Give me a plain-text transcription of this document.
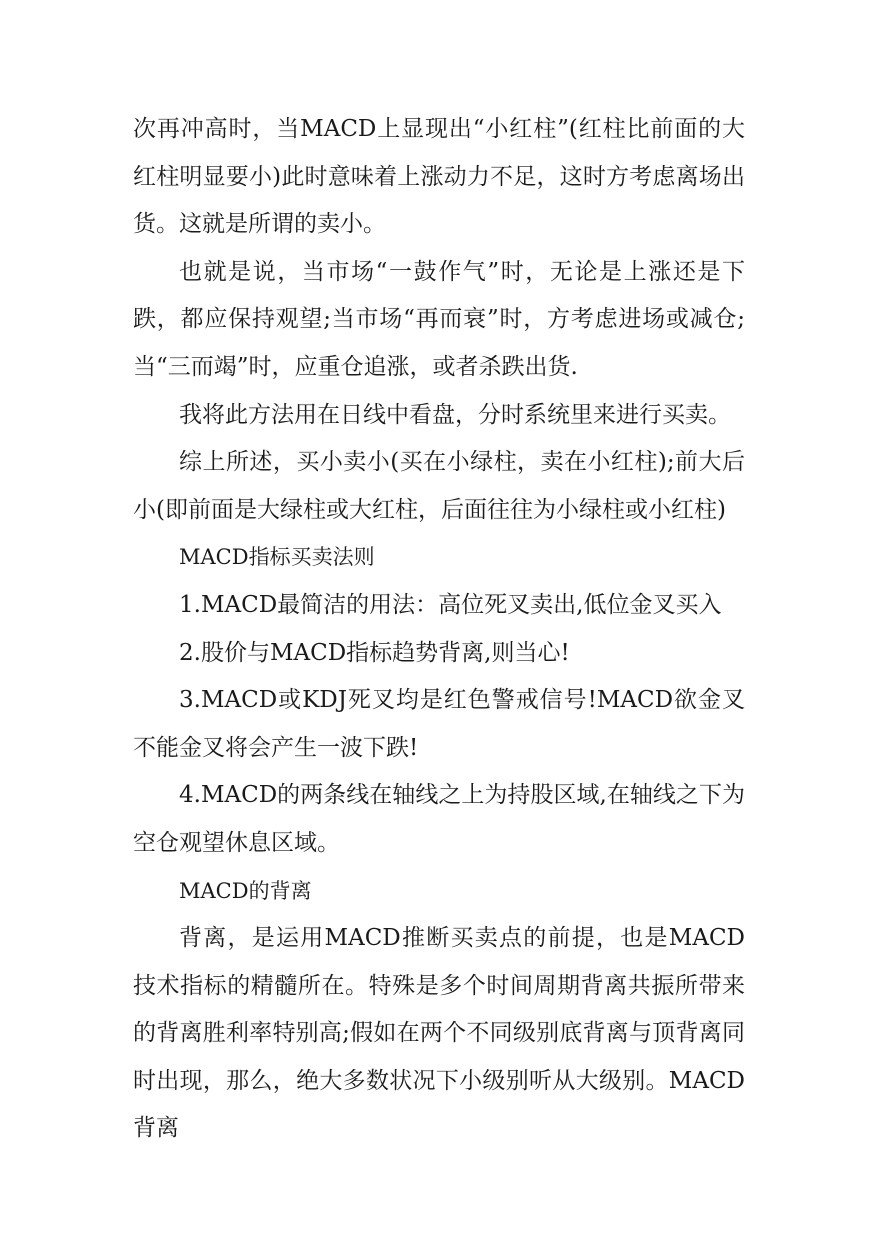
次再冲高时，当MACD上显现出“小红柱”(红柱比前面的大红柱明显要小)此时意味着上涨动力不足，这时方考虑离场出货。这就是所谓的卖小。

也就是说，当市场“一鼓作气”时，无论是上涨还是下跌，都应保持观望;当市场“再而衰”时，方考虑进场或减仓;当“三而竭”时，应重仓追涨，或者杀跌出货.

我将此方法用在日线中看盘，分时系统里来进行买卖。

综上所述，买小卖小(买在小绿柱，卖在小红柱);前大后小(即前面是大绿柱或大红柱，后面往往为小绿柱或小红柱)

MACD指标买卖法则

1.MACD最简洁的用法：高位死叉卖出,低位金叉买入

2.股价与MACD指标趋势背离,则当心!

3.MACD或KDJ死叉均是红色警戒信号!MACD欲金叉不能金叉将会产生一波下跌!

4.MACD的两条线在轴线之上为持股区域,在轴线之下为空仓观望休息区域。

MACD的背离

背离，是运用MACD推断买卖点的前提，也是MACD技术指标的精髓所在。特殊是多个时间周期背离共振所带来的背离胜利率特别高;假如在两个不同级别底背离与顶背离同时出现，那么，绝大多数状况下小级别听从大级别。MACD背离
